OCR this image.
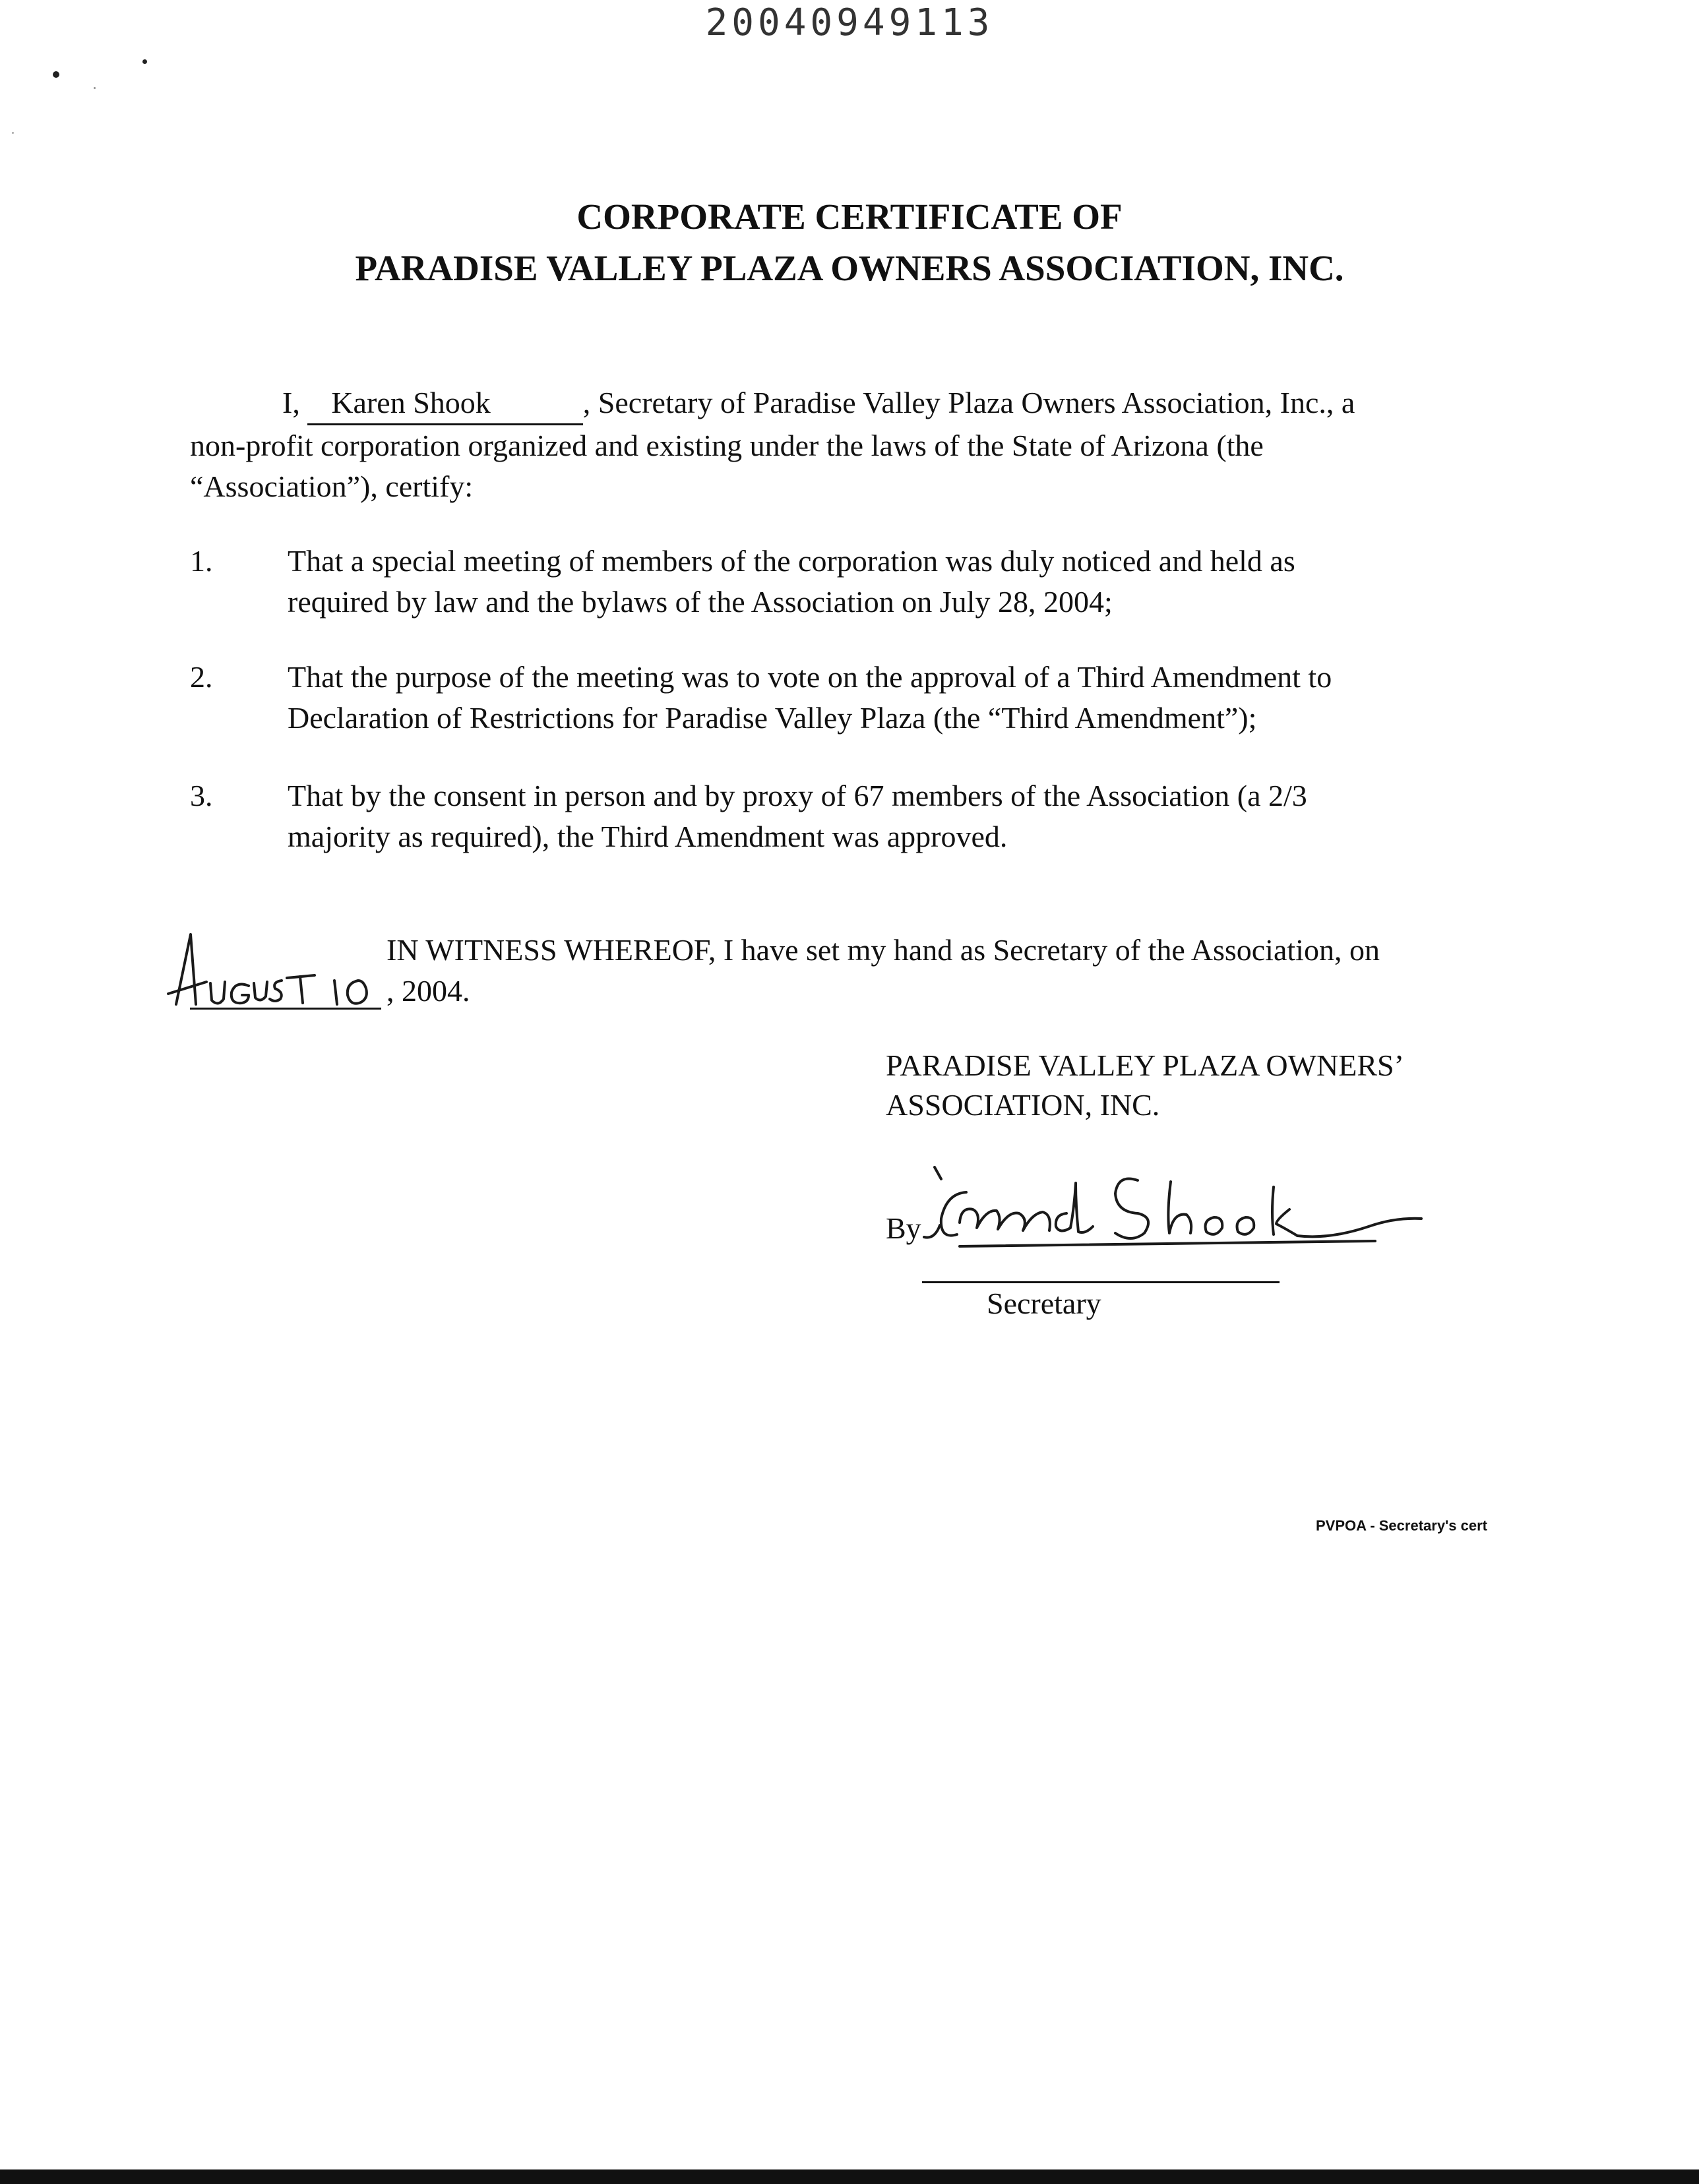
20040949113
CORPORATE CERTIFICATE OF
PARADISE VALLEY PLAZA OWNERS ASSOCIATION, INC.
I, Karen Shook	, Secretary of Paradise Valley Plaza Owners Association, Inc., a
non-profit corporation organized and existing under the laws of the State of Arizona (the
“Association”), certify:
1.	That a special meeting of members of the corporation was duly noticed and held as
required by law and the bylaws of the Association on July 28, 2004;
2.	That the purpose of the meeting was to vote on the approval of a Third Amendment to
Declaration of Restrictions for Paradise Valley Plaza (the “Third Amendment”);
3.	That by the consent in person and by proxy of 67 members of the Association (a 2/3
majority as required), the Third Amendment was approved.
IN WITNESS WHEREOF, I have set my hand as Secretary of the Association, on
, 2004.
PARADISE VALLEY PLAZA OWNERS’
ASSOCIATION, INC.
By
Secretary
PVPOA - Secretary's cert
